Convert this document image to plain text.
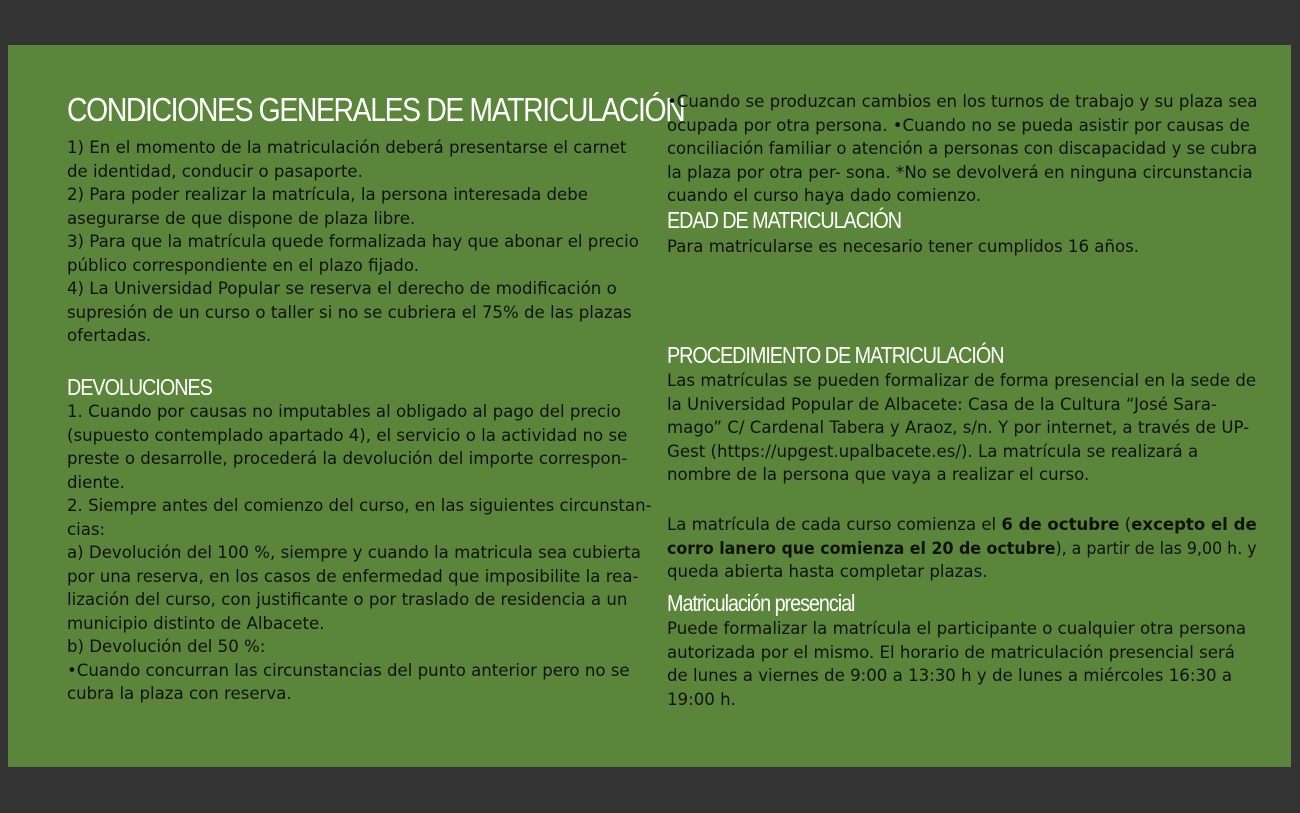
CONDICIONES GENERALES DE MATRICULACIÓN
1) En el momento de la matriculación deberá presentarse el carnet
de identidad, conducir o pasaporte.
2) Para poder realizar la matrícula, la persona interesada debe
asegurarse de que dispone de plaza libre.
3) Para que la matrícula quede formalizada hay que abonar el precio
público correspondiente en el plazo fijado.
4) La Universidad Popular se reserva el derecho de modificación o
supresión de un curso o taller si no se cubriera el 75% de las plazas
ofertadas.
DEVOLUCIONES
1. Cuando por causas no imputables al obligado al pago del precio
(supuesto contemplado apartado 4), el servicio o la actividad no se
preste o desarrolle, procederá la devolución del importe correspon-
diente.
2. Siempre antes del comienzo del curso, en las siguientes circunstan-
cias:
a) Devolución del 100 %, siempre y cuando la matricula sea cubierta
por una reserva, en los casos de enfermedad que imposibilite la rea-
lización del curso, con justificante o por traslado de residencia a un
municipio distinto de Albacete.
b) Devolución del 50 %:
•Cuando concurran las circunstancias del punto anterior pero no se
cubra la plaza con reserva.
•Cuando se produzcan cambios en los turnos de trabajo y su plaza sea
ocupada por otra persona. •Cuando no se pueda asistir por causas de
conciliación familiar o atención a personas con discapacidad y se cubra
la plaza por otra per- sona. *No se devolverá en ninguna circunstancia
cuando el curso haya dado comienzo.
EDAD DE MATRICULACIÓN
Para matricularse es necesario tener cumplidos 16 años.
PROCEDIMIENTO DE MATRICULACIÓN
Las matrículas se pueden formalizar de forma presencial en la sede de
la Universidad Popular de Albacete: Casa de la Cultura “José Sara-
mago” C/ Cardenal Tabera y Araoz, s/n. Y por internet, a través de UP-
Gest (https://upgest.upalbacete.es/). La matrícula se realizará a
nombre de la persona que vaya a realizar el curso.
La matrícula de cada curso comienza el 6 de octubre (excepto el de
corro lanero que comienza el 20 de octubre), a partir de las 9,00 h. y
queda abierta hasta completar plazas.
Matriculación presencial
Puede formalizar la matrícula el participante o cualquier otra persona
autorizada por el mismo. El horario de matriculación presencial será
de lunes a viernes de 9:00 a 13:30 h y de lunes a miércoles 16:30 a
19:00 h.
